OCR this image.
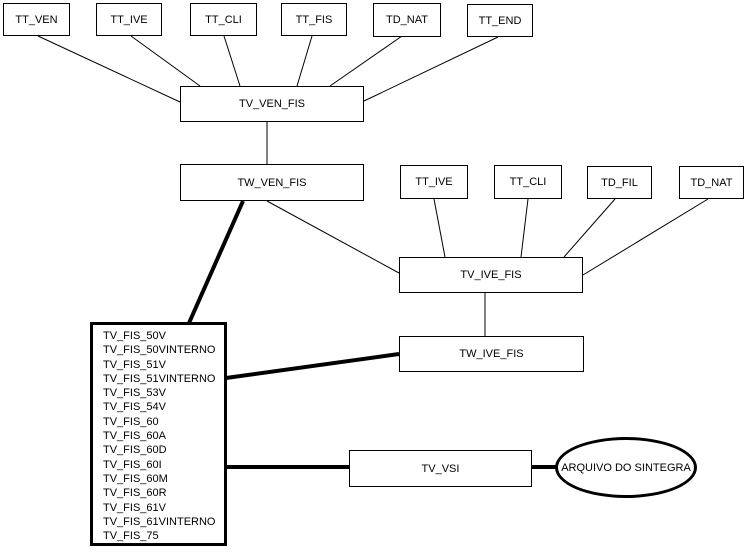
TT_VEN	TT_IVE	TT_CLI	TT_FIS	TD_NAT	TT_END
TV_VEN_FIS
TW_VEN_FIS	TT_IVE	TT_CLI	TD_FIL	TD_NAT
TV_IVE_FIS
TW_IVE_FIS
TV_FIS_50V
TV_FIS_50VINTERNO
TV_FIS_51V
TV_FIS_51VINTERNO
TV_FIS_53V
TV_FIS_54V
TV_FIS_60
TV_FIS_60A
TV_FIS_60D
TV_FIS_60I
TV_FIS_60M
TV_FIS_60R
TV_FIS_61V
TV_FIS_61VINTERNO
TV_FIS_75
TV_VSI	ARQUIVO DO SINTEGRA
